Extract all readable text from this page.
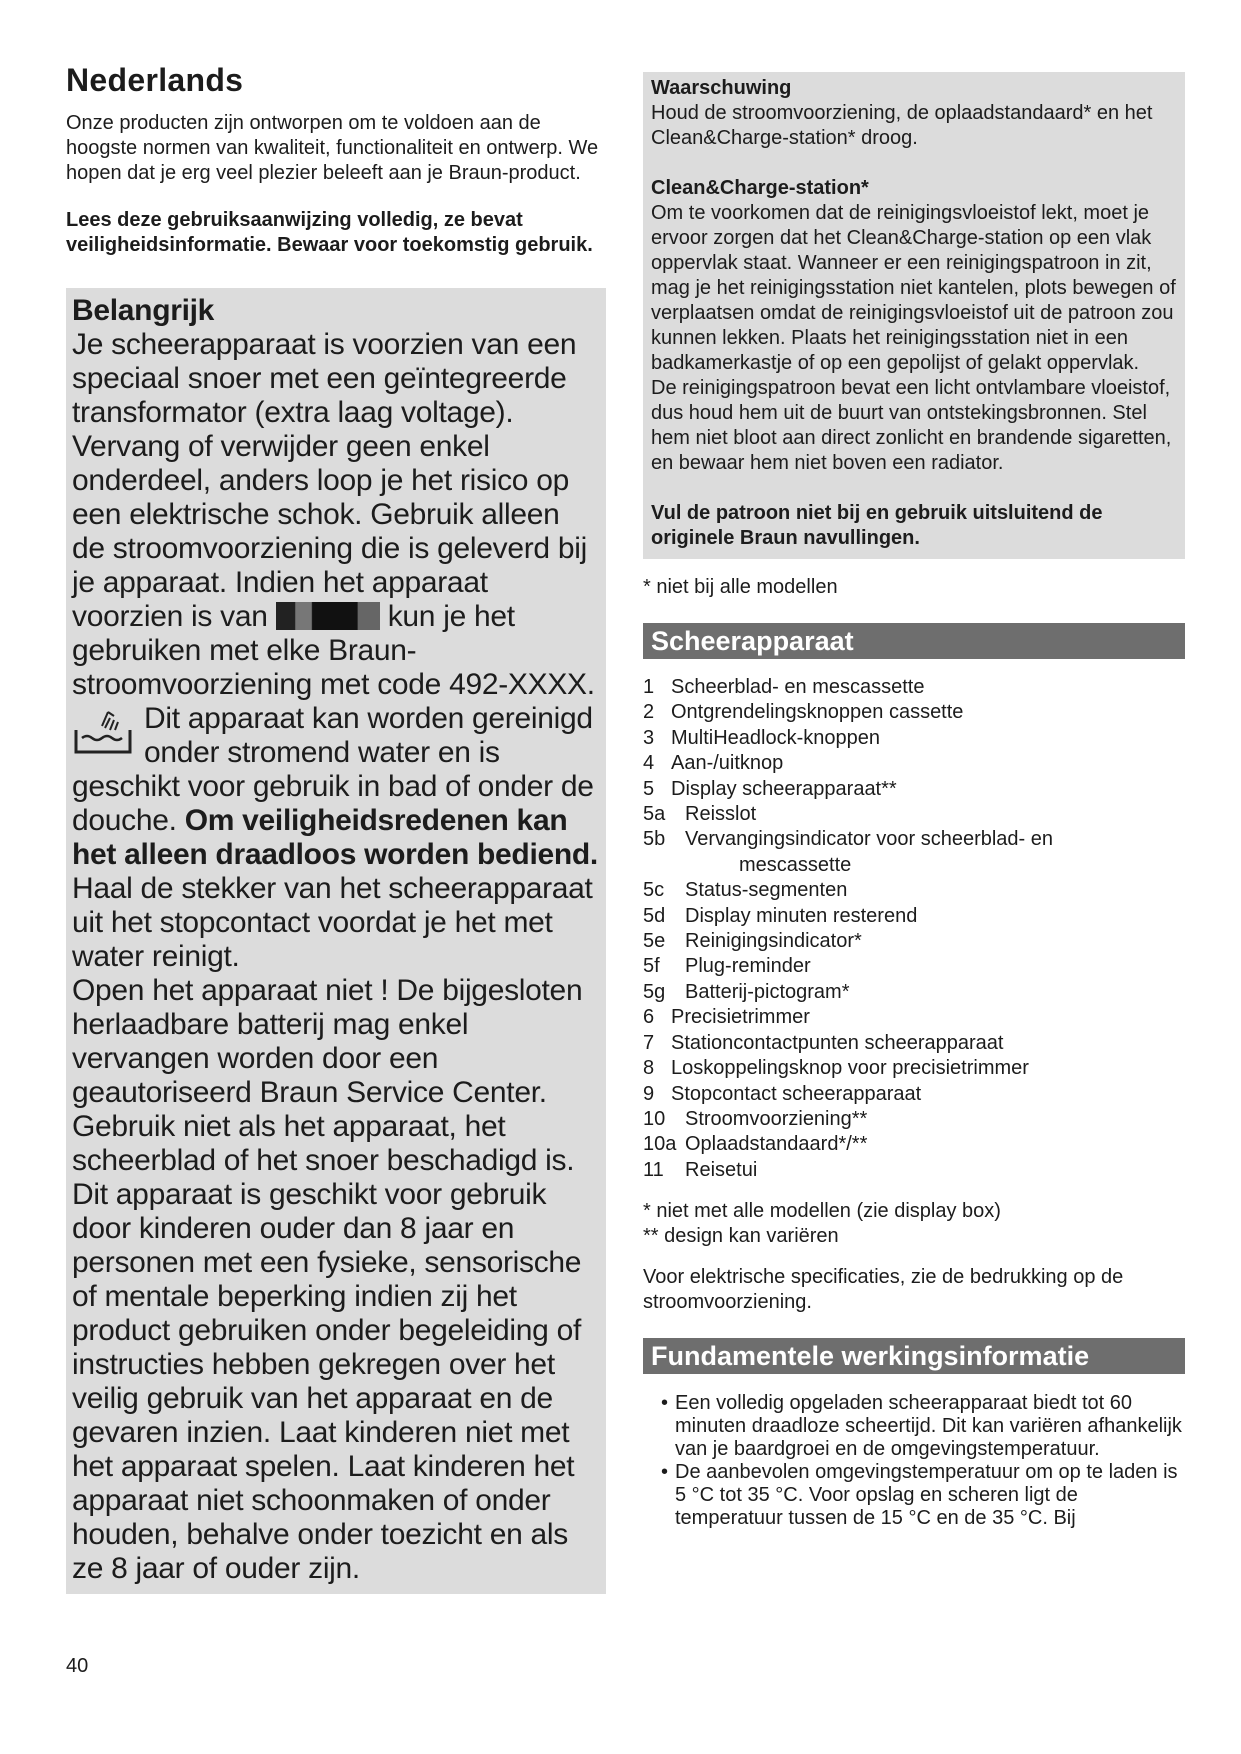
Nederlands

Onze producten zijn ontworpen om te voldoen aan de hoogste normen van kwaliteit, functionaliteit en ontwerp. We hopen dat je erg veel plezier beleeft aan je Braun-product.

Lees deze gebruiksaanwijzing volledig, ze bevat veiligheidsinformatie. Bewaar voor toekomstig gebruik.

Belangrijk
Je scheerapparaat is voorzien van een speciaal snoer met een geïntegreerde transformator (extra laag voltage). Vervang of verwijder geen enkel onderdeel, anders loop je het risico op een elektrische schok. Gebruik alleen de stroomvoorziening die is geleverd bij je apparaat. Indien het apparaat voorzien is van	kun je het gebruiken met elke Braun-stroomvoorziening met code 492-XXXX.
Dit apparaat kan worden gereinigd onder stromend water en is geschikt voor gebruik in bad of onder de douche. Om veiligheidsredenen kan het alleen draadloos worden bediend. Haal de stekker van het scheerapparaat uit het stopcontact voordat je het met water reinigt.
Open het apparaat niet ! De bijgesloten herlaadbare batterij mag enkel vervangen worden door een geautoriseerd Braun Service Center. Gebruik niet als het apparaat, het scheerblad of het snoer beschadigd is.
Dit apparaat is geschikt voor gebruik door kinderen ouder dan 8 jaar en personen met een fysieke, sensorische of mentale beperking indien zij het product gebruiken onder begeleiding of instructies hebben gekregen over het veilig gebruik van het apparaat en de gevaren inzien. Laat kinderen niet met het apparaat spelen. Laat kinderen het apparaat niet schoonmaken of onder houden, behalve onder toezicht en als ze 8 jaar of ouder zijn.
Waarschuwing
Houd de stroomvoorziening, de oplaadstandaard* en het Clean&Charge-station* droog.
Clean&Charge-station*
Om te voorkomen dat de reinigingsvloeistof lekt, moet je ervoor zorgen dat het Clean&Charge-station op een vlak oppervlak staat. Wanneer er een reinigingspatroon in zit, mag je het reinigingsstation niet kantelen, plots bewegen of verplaatsen omdat de reinigingsvloeistof uit de patroon zou kunnen lekken. Plaats het reinigingsstation niet in een badkamerkastje of op een gepolijst of gelakt oppervlak.
De reinigingspatroon bevat een licht ontvlambare vloeistof, dus houd hem uit de buurt van ontstekingsbronnen. Stel hem niet bloot aan direct zonlicht en brandende sigaretten, en bewaar hem niet boven een radiator.
Vul de patroon niet bij en gebruik uitsluitend de originele Braun navullingen.

* niet bij alle modellen

Scheerapparaat
1 Scheerblad- en mescassette
2 Ontgrendelingsknoppen cassette
3 MultiHeadlock-knoppen
4 Aan-/uitknop
5 Display scheerapparaat**
5a Reisslot
5b Vervangingsindicator voor scheerblad- en
mescassette
5c	Status-segmenten
5d Display minuten resterend
5e Reinigingsindicator*
5f	Plug-reminder
5g Batterij-pictogram*
6 Precisietrimmer
7 Stationcontactpunten scheerapparaat
8 Loskoppelingsknop voor precisietrimmer
9 Stopcontact scheerapparaat
10 Stroomvoorziening**
10a Oplaadstandaard*/**
11	Reisetui
* niet met alle modellen (zie display box)
** design kan variëren

Voor elektrische specificaties, zie de bedrukking op de stroomvoorziening.

Fundamentele werkingsinformatie
• Een volledig opgeladen scheerapparaat biedt tot 60 minuten draadloze scheertijd. Dit kan variëren afhankelijk van je baardgroei en de omgevingstemperatuur.
• De aanbevolen omgevingstemperatuur om op te laden is 5 °C tot 35 °C. Voor opslag en scheren ligt de temperatuur tussen de 15 °C en de 35 °C. Bij
40
